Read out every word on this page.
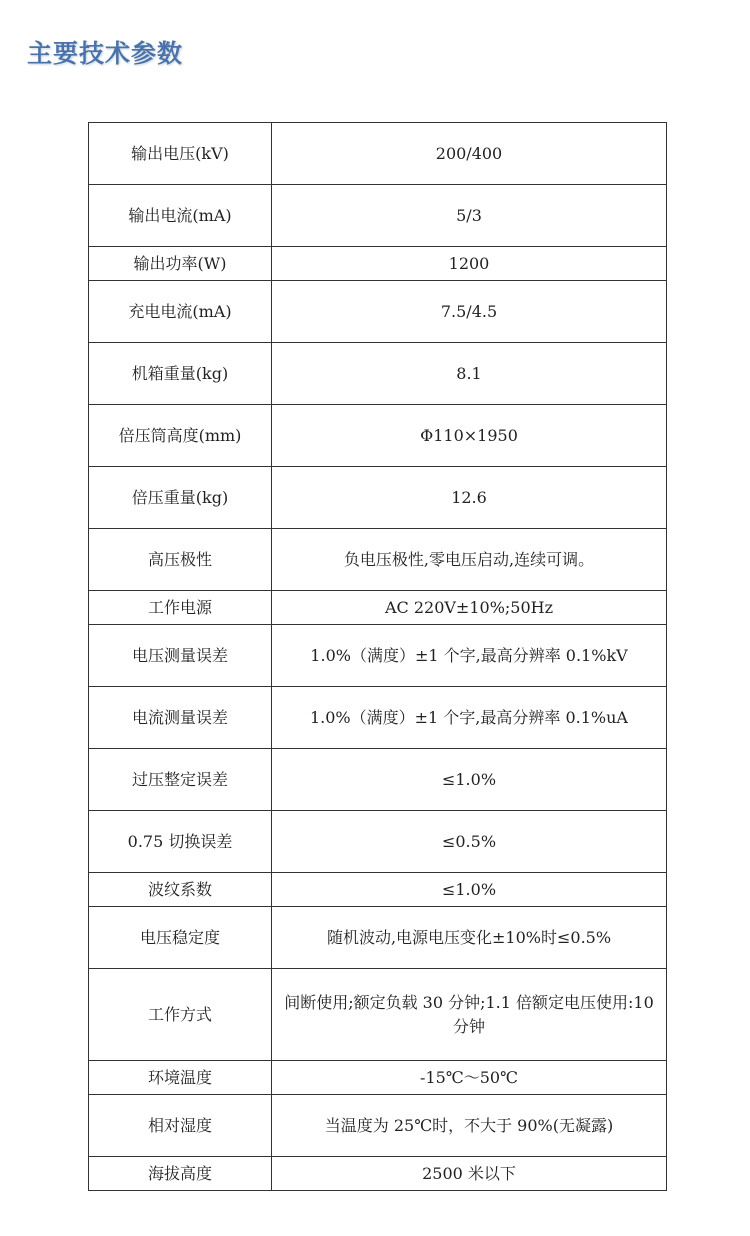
主要技术参数
输出电压(kV)	200/400
输出电流(mA)	5/3
输出功率(W)	1200
充电电流(mA)	7.5/4.5
机箱重量(kg)	8.1
倍压筒高度(mm)	Φ110×1950
倍压重量(kg)	12.6
高压极性	负电压极性,零电压启动,连续可调。
工作电源	AC 220V±10%;50Hz
电压测量误差	1.0%（满度）±1 个字,最高分辨率 0.1%kV
电流测量误差	1.0%（满度）±1 个字,最高分辨率 0.1%uA
过压整定误差	≤1.0%
0.75 切换误差	≤0.5%
波纹系数	≤1.0%
电压稳定度	随机波动,电源电压变化±10%时≤0.5%
工作方式	间断使用;额定负载 30 分钟;1.1 倍额定电压使用:10 分钟
环境温度	-15℃～50℃
相对湿度	当温度为 25℃时，不大于 90%(无凝露)
海拔高度	2500 米以下
